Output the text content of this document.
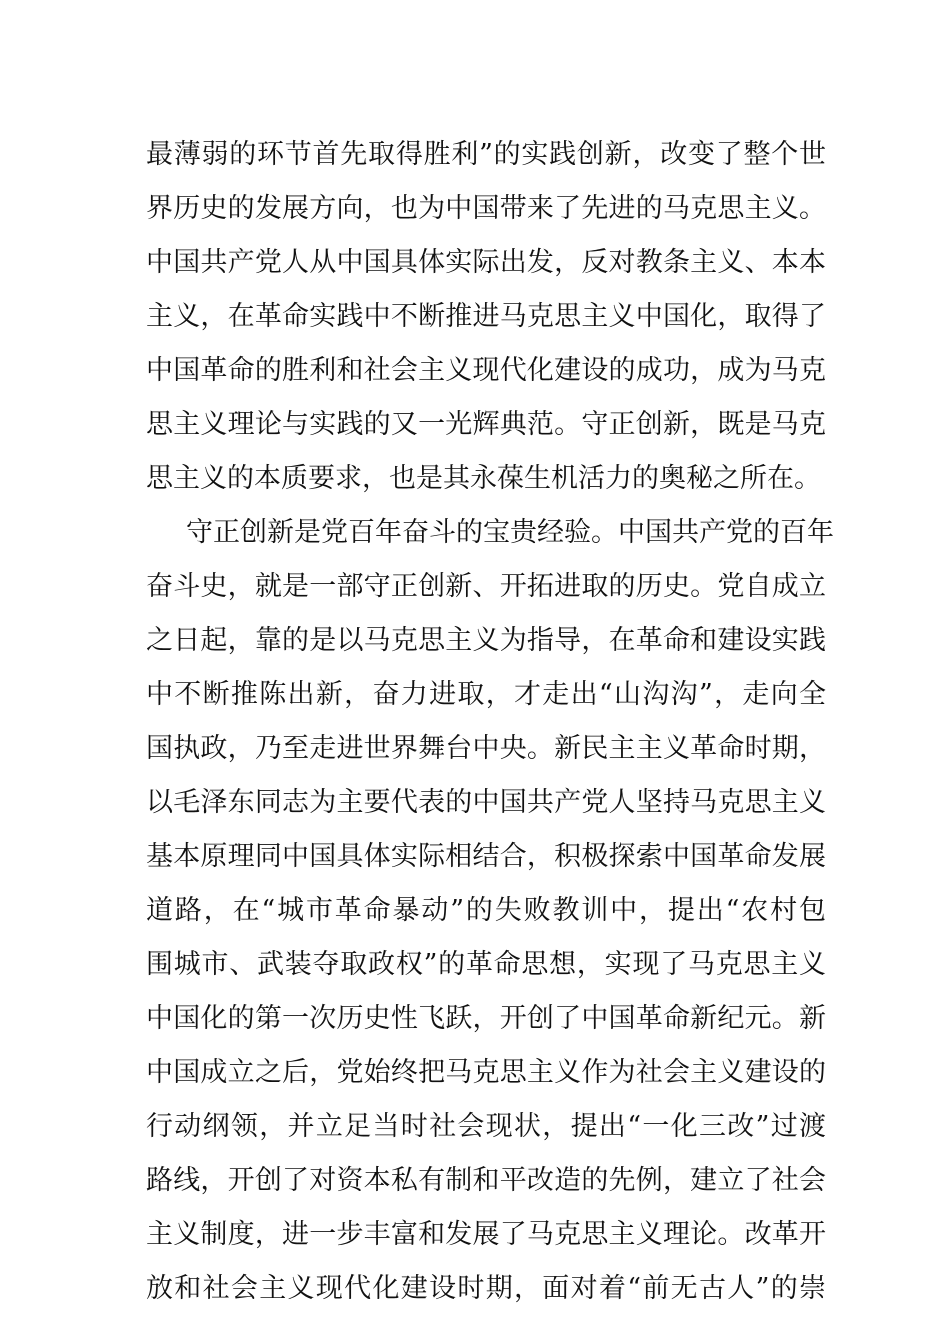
最薄弱的环节首先取得胜利”的实践创新，改变了整个世
界历史的发展方向，也为中国带来了先进的马克思主义。
中国共产党人从中国具体实际出发，反对教条主义、本本
主义，在革命实践中不断推进马克思主义中国化，取得了
中国革命的胜利和社会主义现代化建设的成功，成为马克
思主义理论与实践的又一光辉典范。守正创新，既是马克
思主义的本质要求，也是其永葆生机活力的奥秘之所在。
守正创新是党百年奋斗的宝贵经验。中国共产党的百年
奋斗史，就是一部守正创新、开拓进取的历史。党自成立
之日起，靠的是以马克思主义为指导，在革命和建设实践
中不断推陈出新，奋力进取，才走出“山沟沟”，走向全
国执政，乃至走进世界舞台中央。新民主主义革命时期，
以毛泽东同志为主要代表的中国共产党人坚持马克思主义
基本原理同中国具体实际相结合，积极探索中国革命发展
道路，在“城市革命暴动”的失败教训中，提出“农村包
围城市、武装夺取政权”的革命思想，实现了马克思主义
中国化的第一次历史性飞跃，开创了中国革命新纪元。新
中国成立之后，党始终把马克思主义作为社会主义建设的
行动纲领，并立足当时社会现状，提出“一化三改”过渡
路线，开创了对资本私有制和平改造的先例，建立了社会
主义制度，进一步丰富和发展了马克思主义理论。改革开
放和社会主义现代化建设时期，面对着“前无古人”的崇
